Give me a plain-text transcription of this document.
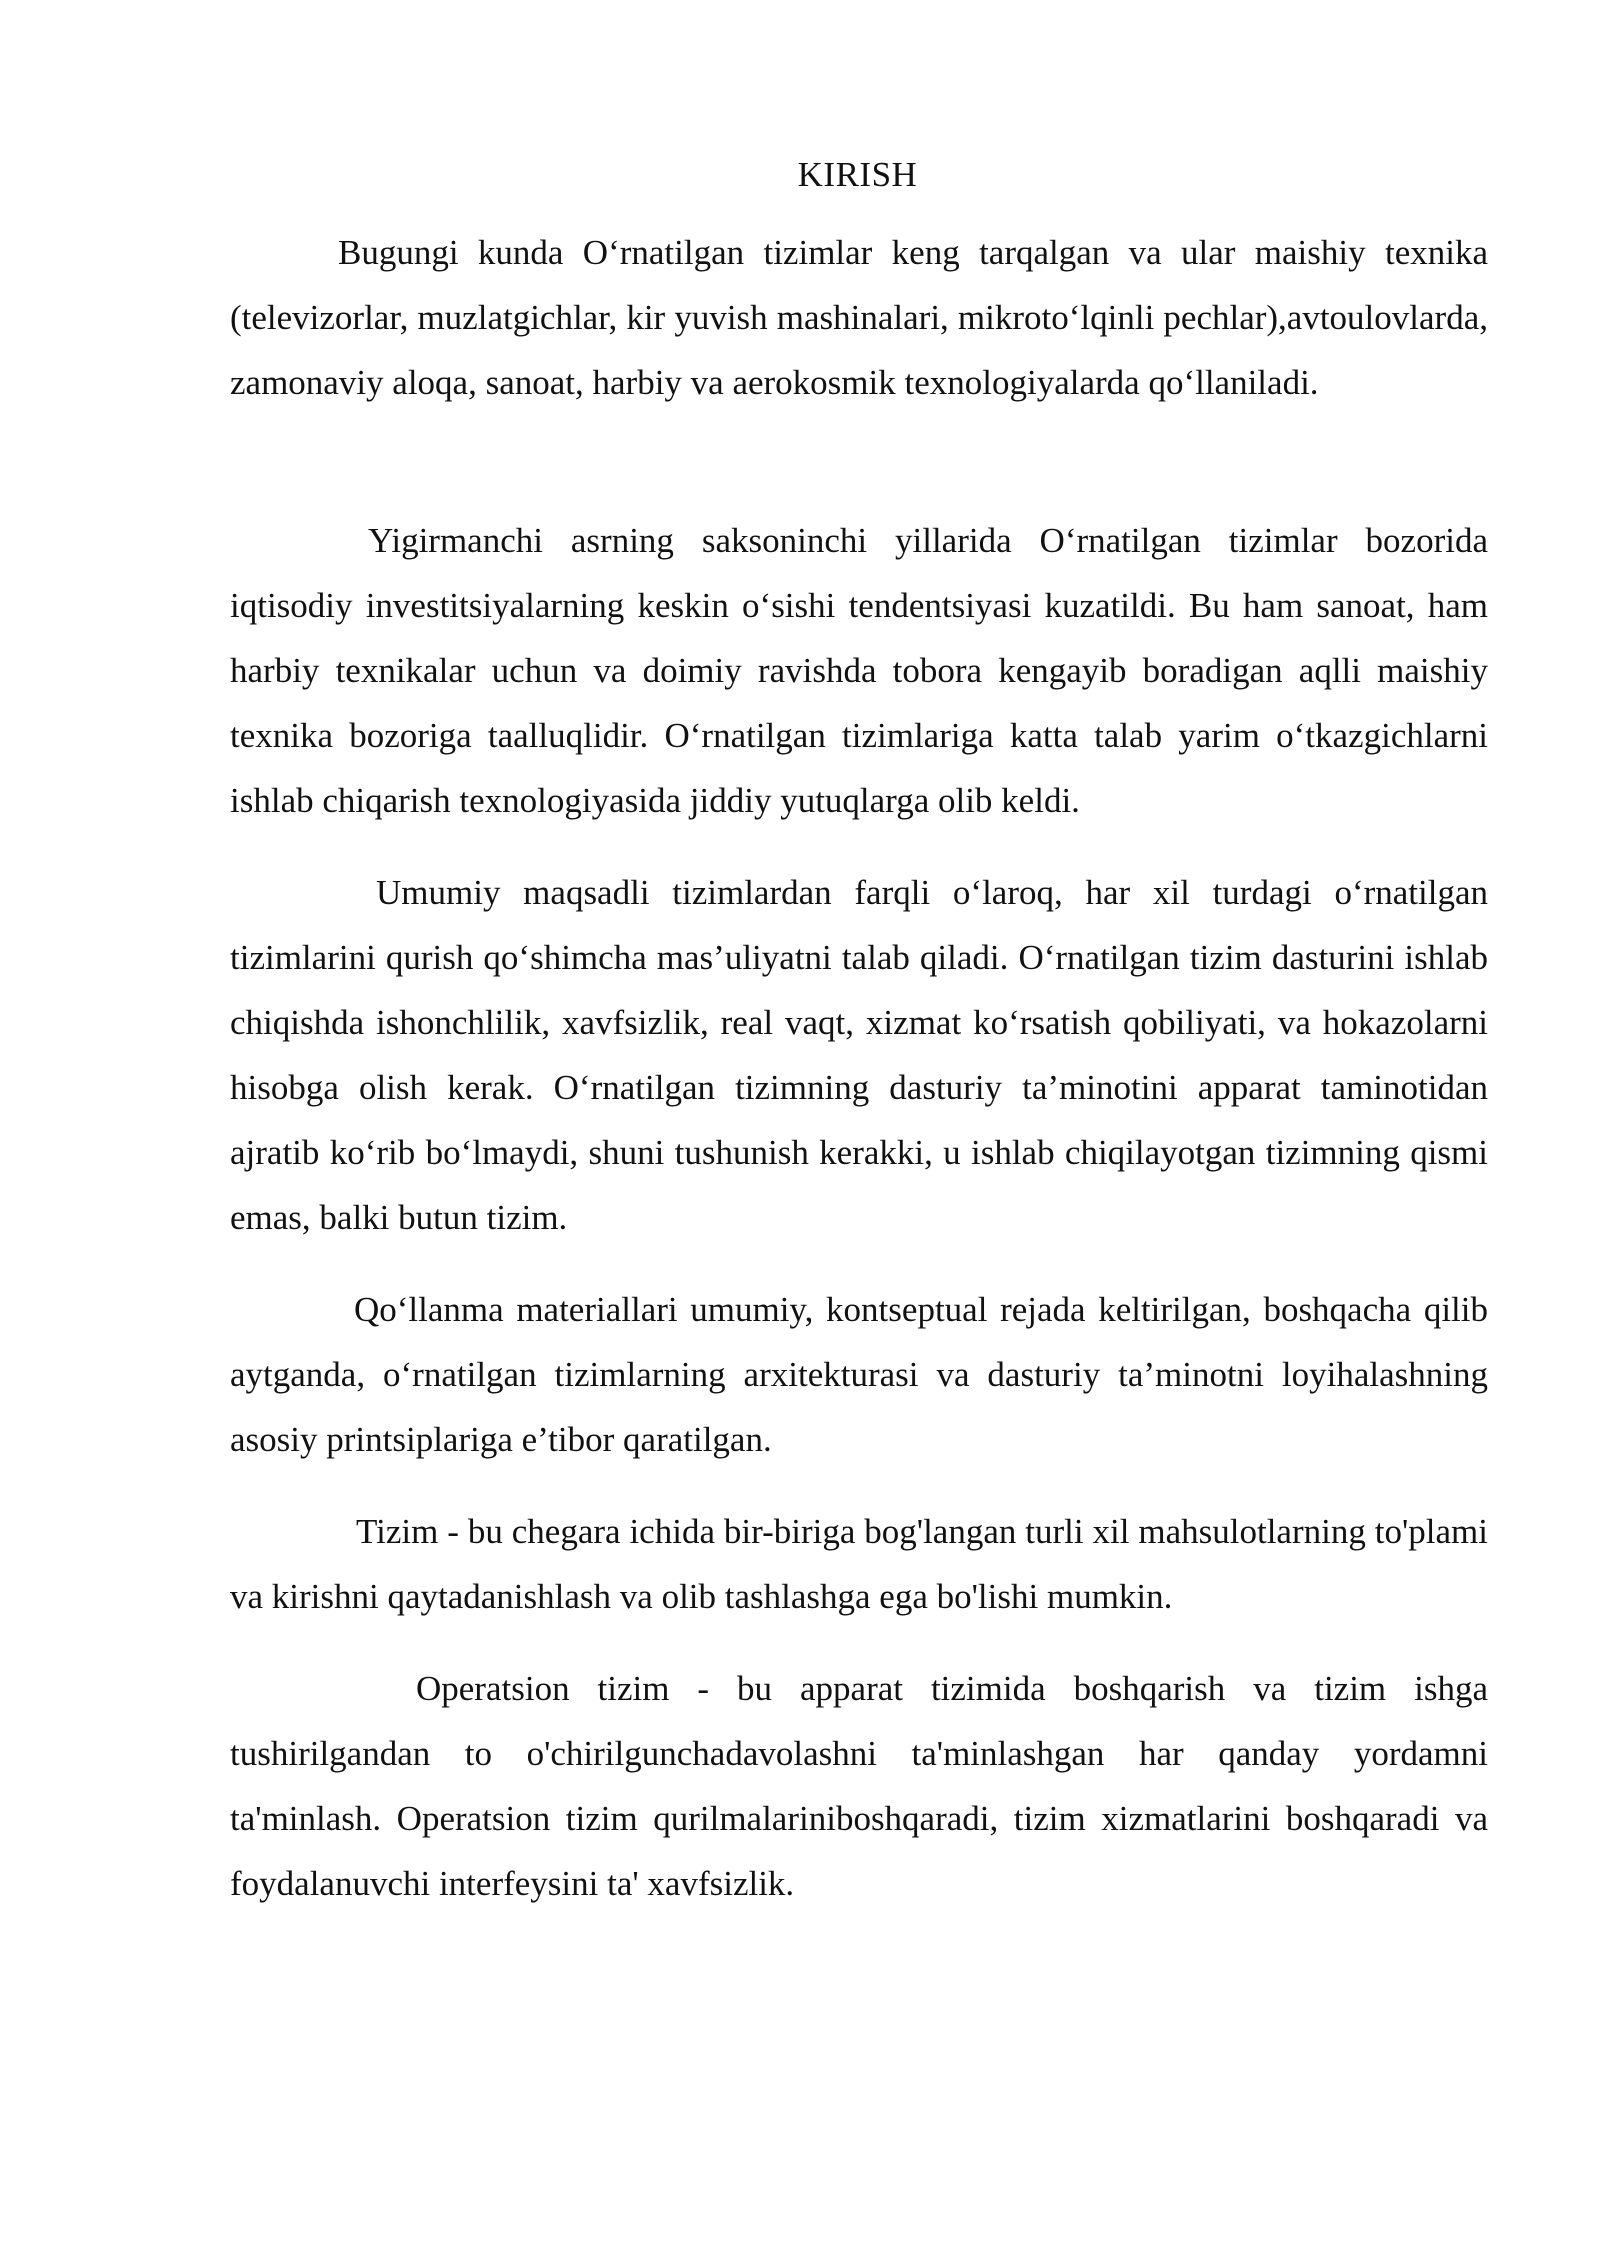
KIRISH

Bugungi kunda O‘rnatilgan tizimlar keng tarqalgan va ular maishiy texnika (televizorlar, muzlatgichlar, kir yuvish mashinalari, mikroto‘lqinli pechlar),avtoulovlarda, zamonaviy aloqa, sanoat, harbiy va aerokosmik texnologiyalarda qo‘llaniladi.

Yigirmanchi asrning saksoninchi yillarida O‘rnatilgan tizimlar bozorida iqtisodiy investitsiyalarning keskin o‘sishi tendentsiyasi kuzatildi. Bu ham sanoat, ham harbiy texnikalar uchun va doimiy ravishda tobora kengayib boradigan aqlli maishiy texnika bozoriga taalluqlidir. O‘rnatilgan tizimlariga katta talab yarim o‘tkazgichlarni ishlab chiqarish texnologiyasida jiddiy yutuqlarga olib keldi.

Umumiy maqsadli tizimlardan farqli o‘laroq, har xil turdagi o‘rnatilgan tizimlarini qurish qo‘shimcha mas’uliyatni talab qiladi. O‘rnatilgan tizim dasturini ishlab chiqishda ishonchlilik, xavfsizlik, real vaqt, xizmat ko‘rsatish qobiliyati, va hokazolarni hisobga olish kerak. O‘rnatilgan tizimning dasturiy ta’minotini apparat taminotidan ajratib ko‘rib bo‘lmaydi, shuni tushunish kerakki, u ishlab chiqilayotgan tizimning qismi emas, balki butun tizim.

Qo‘llanma materiallari umumiy, kontseptual rejada keltirilgan, boshqacha qilib aytganda, o‘rnatilgan tizimlarning arxitekturasi va dasturiy ta’minotni loyihalashning asosiy printsiplariga e’tibor qaratilgan.

Tizim - bu chegara ichida bir-biriga bog'langan turli xil mahsulotlarning to'plami va kirishni qaytadanishlash va olib tashlashga ega bo'lishi mumkin.

Operatsion tizim - bu apparat tizimida boshqarish va tizim ishga tushirilgandan to o'chirilgunchadavolashni ta'minlashgan har qanday yordamni ta'minlash. Operatsion tizim qurilmalariniboshqaradi, tizim xizmatlarini boshqaradi va foydalanuvchi interfeysini ta' xavfsizlik.
